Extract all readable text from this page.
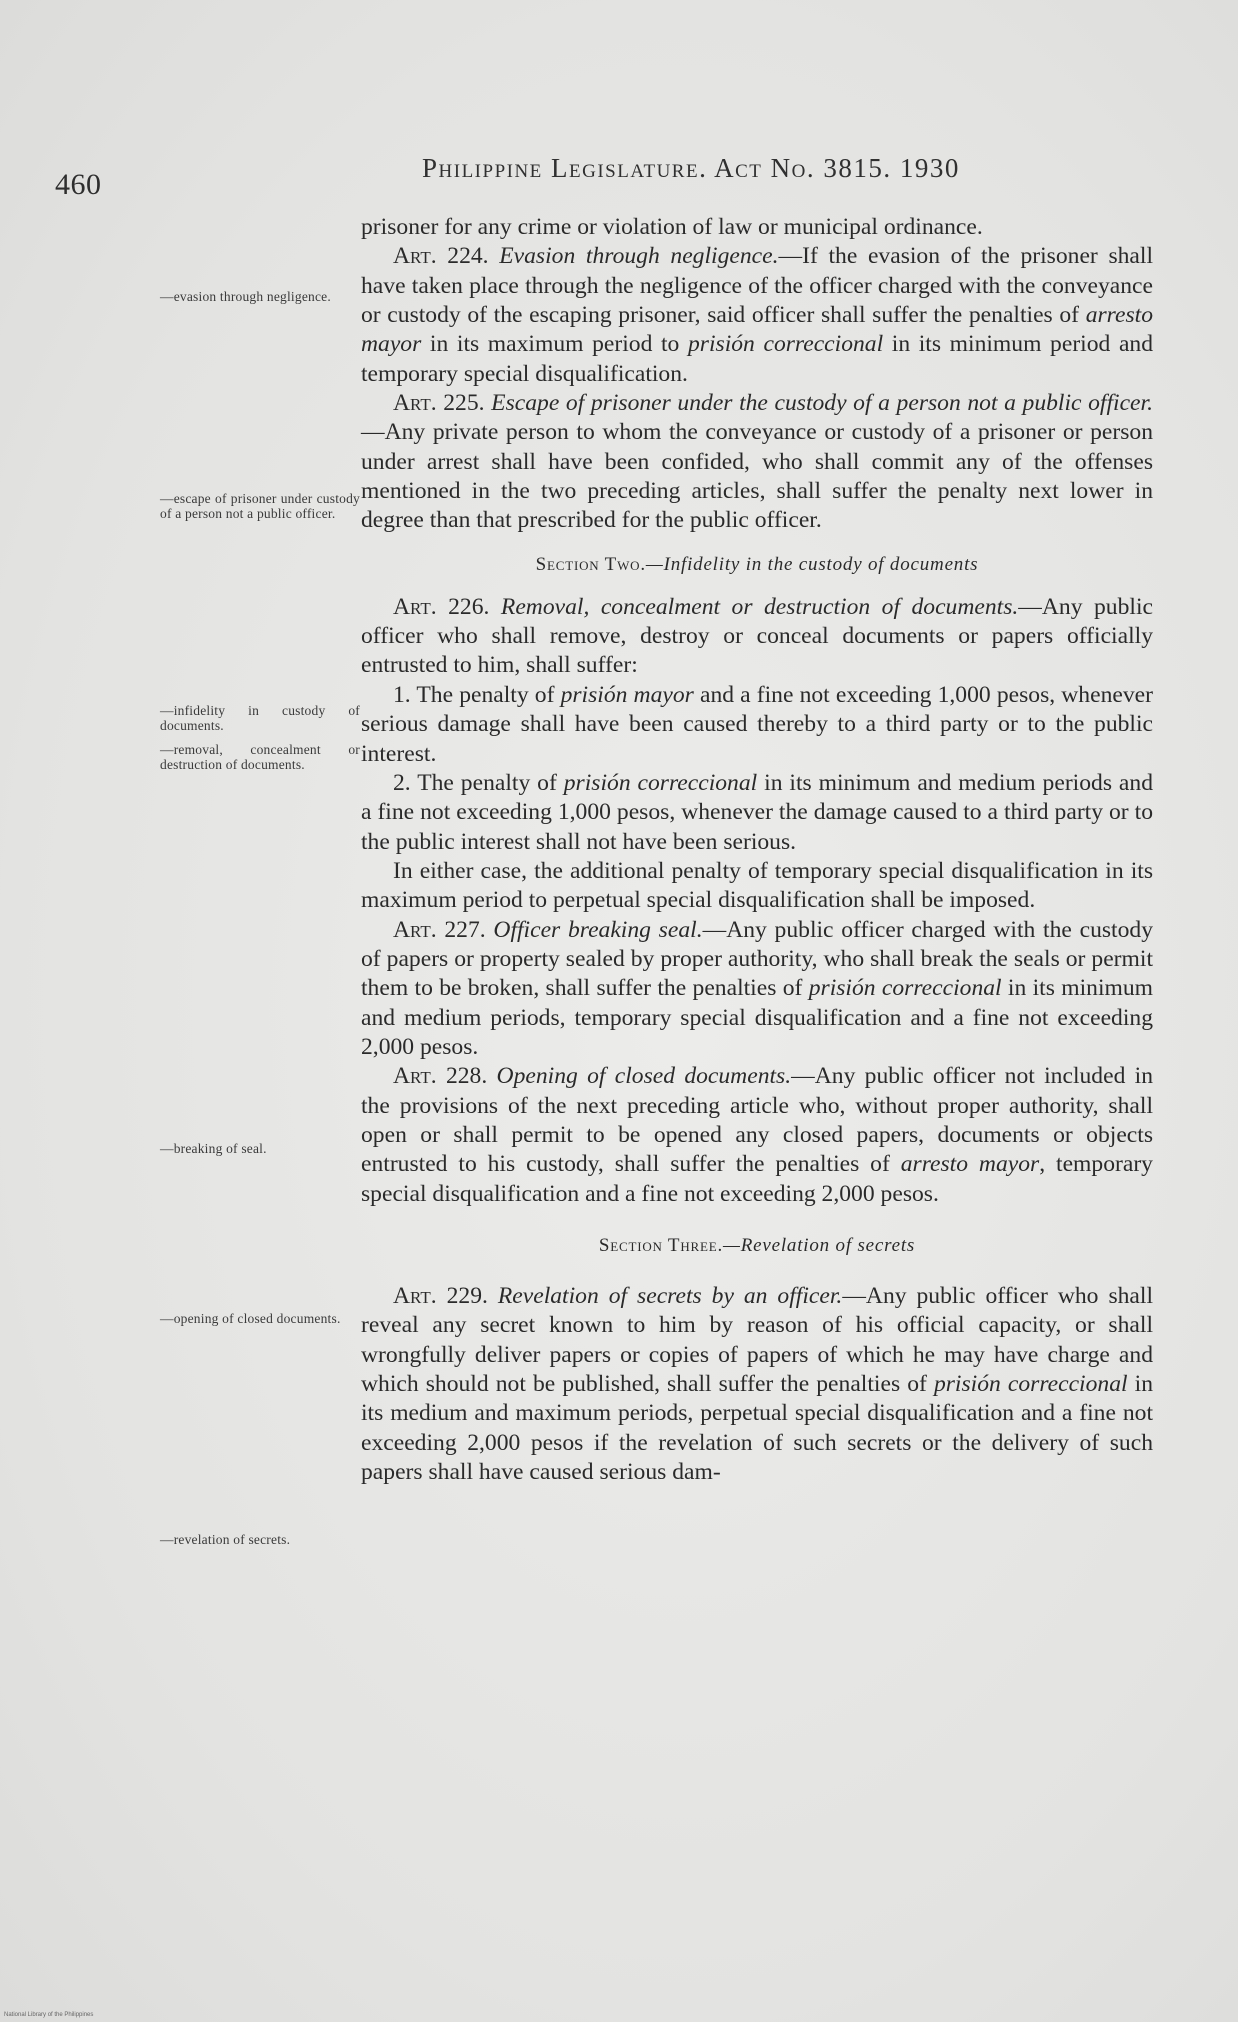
460	Philippine Legislature. Act No. 3815. 1930
—evasion through negligence.
—escape of prisoner under custody of a person not a public officer.
—infidelity in custody of documents.
—removal, concealment or destruction of documents.
—breaking of seal.
—opening of closed documents.
—revelation of secrets.

prisoner for any crime or violation of law or municipal ordinance.

Art. 224. Evasion through negligence.—If the evasion of the prisoner shall have taken place through the negligence of the officer charged with the conveyance or custody of the escaping prisoner, said officer shall suffer the penalties of arresto mayor in its maximum period to prisión correccional in its minimum period and temporary special disqualification.

Art. 225. Escape of prisoner under the custody of a person not a public officer.—Any private person to whom the conveyance or custody of a prisoner or person under arrest shall have been confided, who shall commit any of the offenses mentioned in the two preceding articles, shall suffer the penalty next lower in degree than that prescribed for the public officer.

Section Two.—Infidelity in the custody of documents

Art. 226. Removal, concealment or destruction of documents.—Any public officer who shall remove, destroy or conceal documents or papers officially entrusted to him, shall suffer:

1. The penalty of prisión mayor and a fine not exceeding 1,000 pesos, whenever serious damage shall have been caused thereby to a third party or to the public interest.

2. The penalty of prisión correccional in its minimum and medium periods and a fine not exceeding 1,000 pesos, whenever the damage caused to a third party or to the public interest shall not have been serious.

In either case, the additional penalty of temporary special disqualification in its maximum period to perpetual special disqualification shall be imposed.

Art. 227. Officer breaking seal.—Any public officer charged with the custody of papers or property sealed by proper authority, who shall break the seals or permit them to be broken, shall suffer the penalties of prisión correccional in its minimum and medium periods, temporary special disqualification and a fine not exceeding 2,000 pesos.

Art. 228. Opening of closed documents.—Any public officer not included in the provisions of the next preceding article who, without proper authority, shall open or shall permit to be opened any closed papers, documents or objects entrusted to his custody, shall suffer the penalties of arresto mayor, temporary special disqualification and a fine not exceeding 2,000 pesos.

Section Three.—Revelation of secrets

Art. 229. Revelation of secrets by an officer.—Any public officer who shall reveal any secret known to him by reason of his official capacity, or shall wrongfully deliver papers or copies of papers of which he may have charge and which should not be published, shall suffer the penalties of prisión correccional in its medium and maximum periods, perpetual special disqualification and a fine not exceeding 2,000 pesos if the revelation of such secrets or the delivery of such papers shall have caused serious dam-

National Library of the Philippines
